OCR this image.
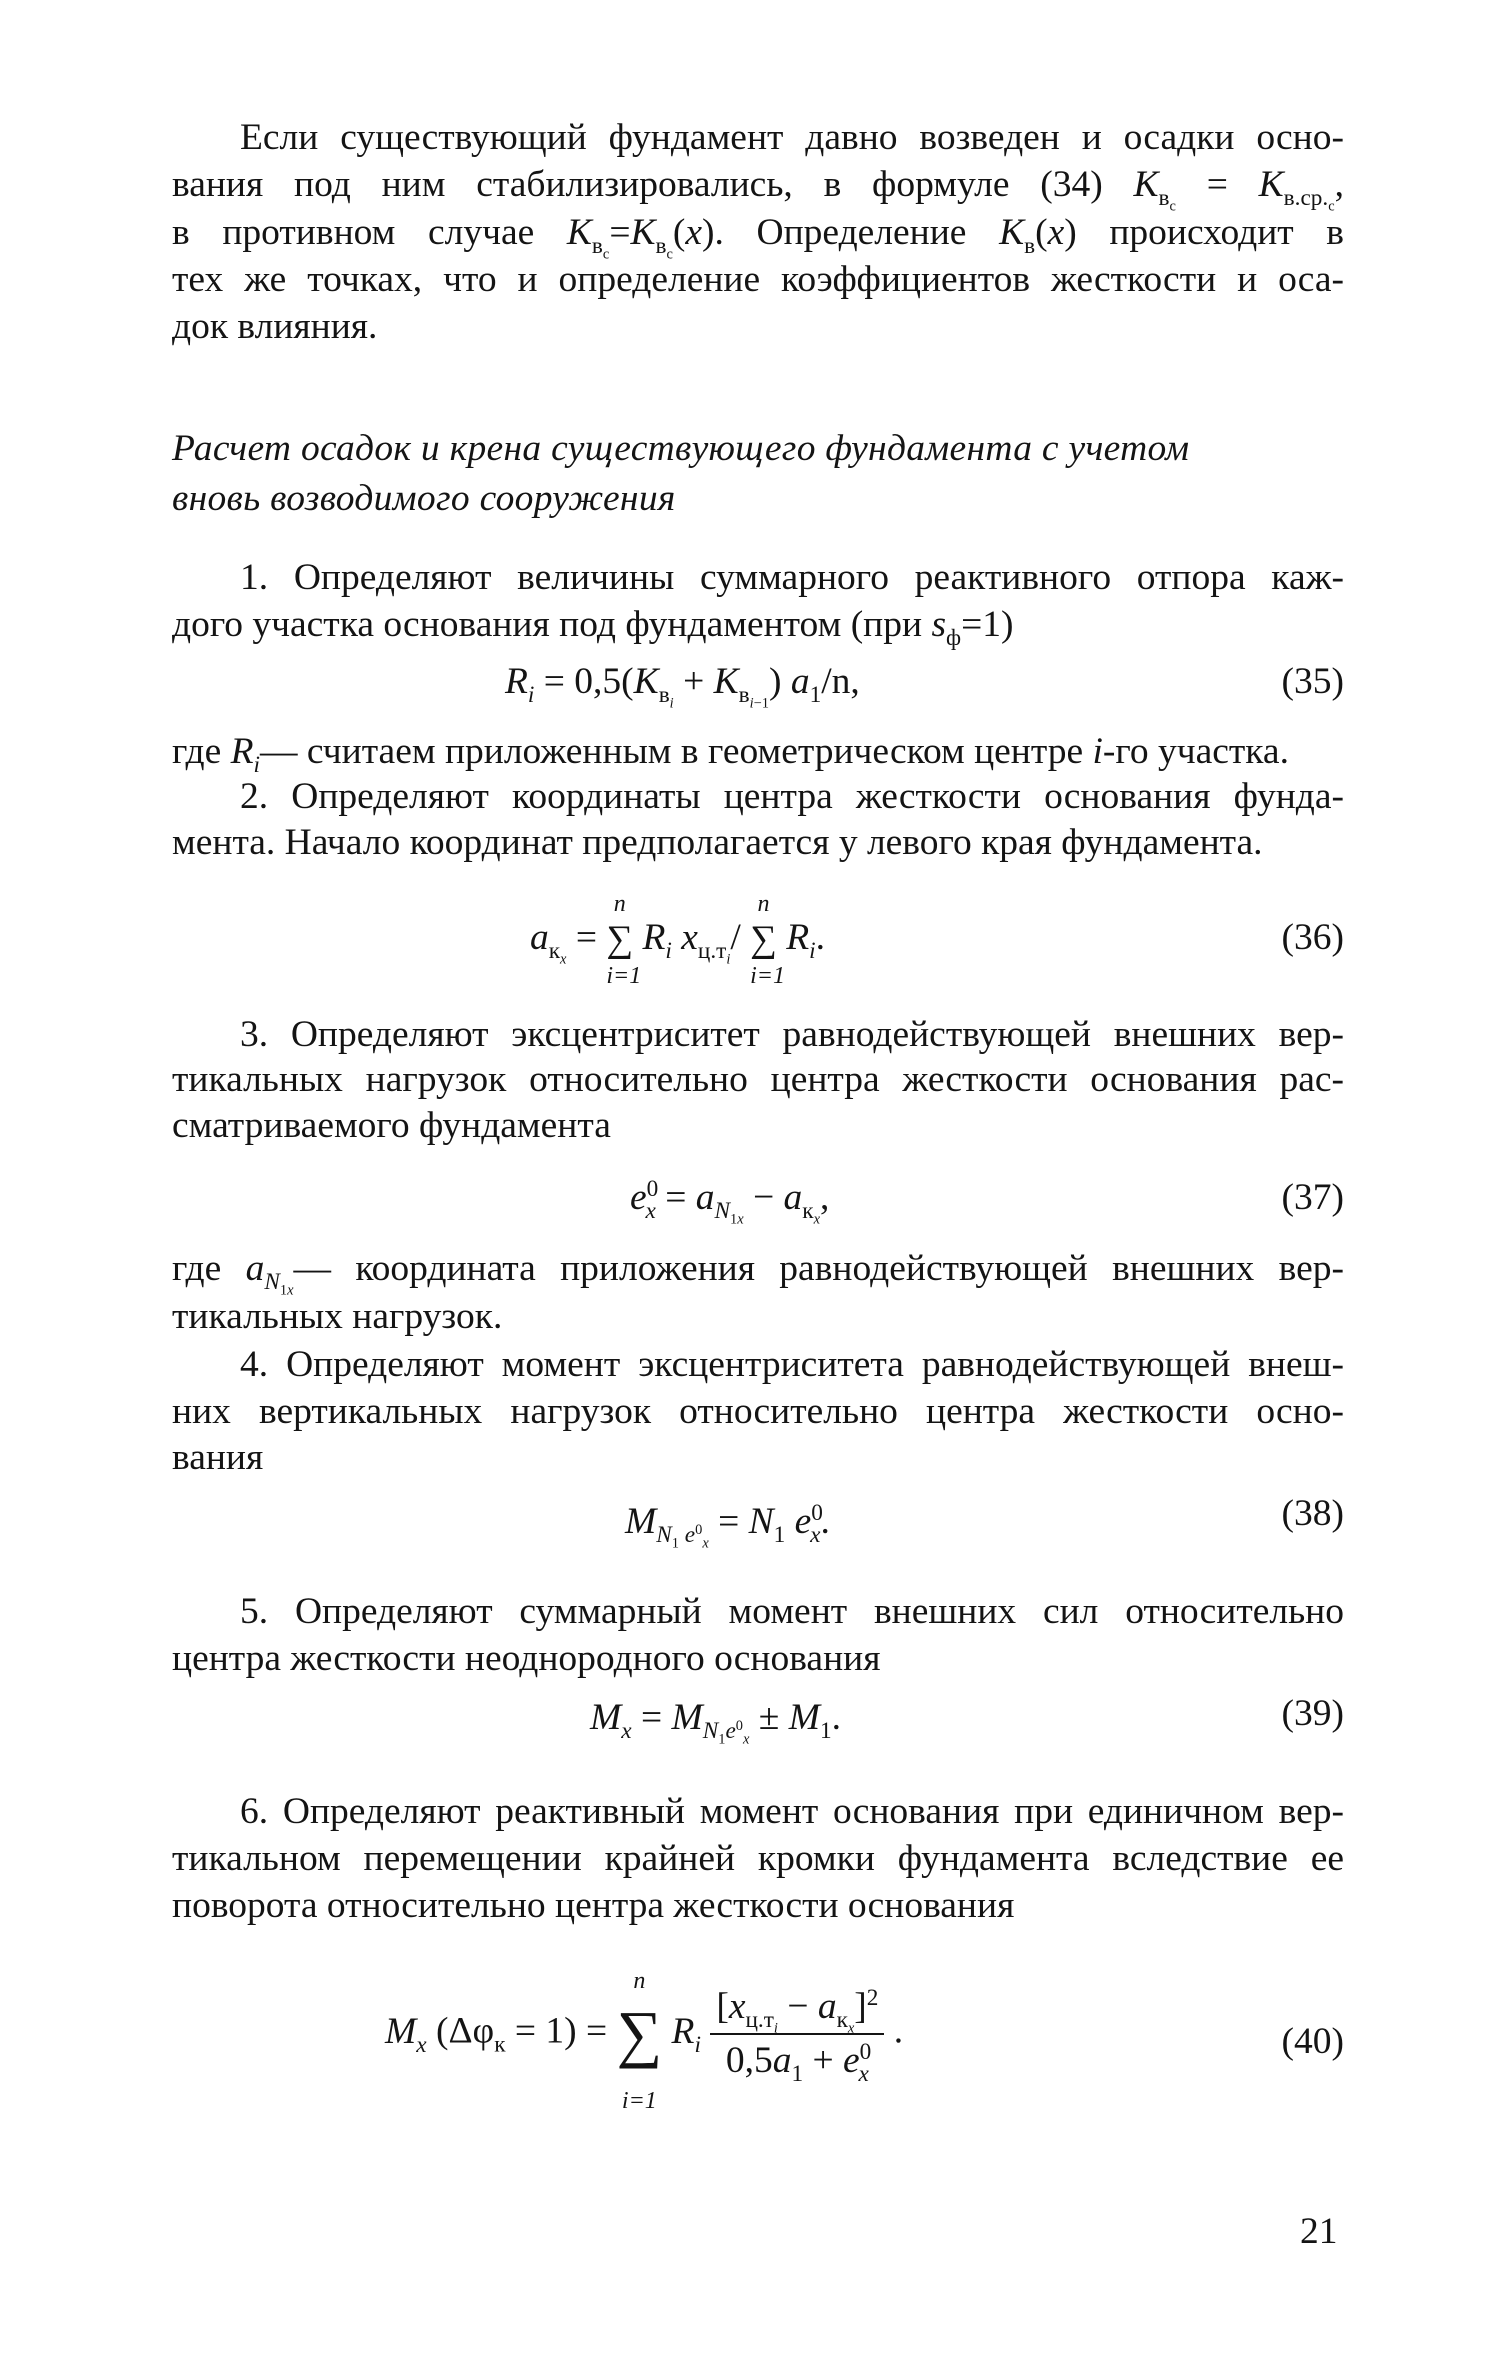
Если существующий фундамент давно возведен и осадки осно-
вания под ним стабилизировались, в формуле (34) $K_{в_с} = K_{в.ср._с}$,
в противном случае $K_{в_с}=K_{в_с}(x)$. Определение $K_в(x)$ происходит в
тех же точках, что и определение коэффициентов жесткости и оса-
док влияния.
Расчет осадок и крена существующего фундамента с учетом
вновь возводимого сооружения
1. Определяют величины суммарного реактивного отпора каж-
дого участка основания под фундаментом (при $s_ф=1$)
$R_i = 0,5(K_{в_i} + K_{в_{i-1}})$ $a_1/n$,	(35)
где $R_i—$ считаем приложенным в геометрическом центре i-го участка.
2. Определяют координаты центра жесткости основания фунда-
мента. Начало координат предполагается у левого края фундамента.
$a_{к_x}$ =
n
∑
i=1
$R_i$ $x_{ц.т_i}/$
n
∑
i=1
$R_i$.	(36)
3. Определяют эксцентриситет равнодействующей внешних вер-
тикальных нагрузок относительно центра жесткости основания рас-
сматриваемого фундамента
$e^0_x = a_{N_{1x}} - a_{к_x}$,	(37)
где $a_{N_{1x}}—$ координата приложения равнодействующей внешних вер-
тикальных нагрузок.
4. Определяют момент эксцентриситета равнодействующей внеш-
них вертикальных нагрузок относительно центра жесткости осно-
вания
$M_{N_1 e^0_x} = N_1$ $e^0_x$.	(38)
5. Определяют суммарный момент внешних сил относительно
центра жесткости неоднородного основания
$M_x = M_{N_1e^0_x} \pm M_1$.	(39)
6. Определяют реактивный момент основания при единичном вер-
тикальном перемещении крайней кромки фундамента вследствие ее
поворота относительно центра жесткости основания
$M_x$ $(\Delta\varphi_к = 1)$ =
n
∑
i=1
$R_i \frac{[x_{ц.т_i} - a_{к_x}]^2}{0,5a_1 + e^0_x}$ .	(40)
21
